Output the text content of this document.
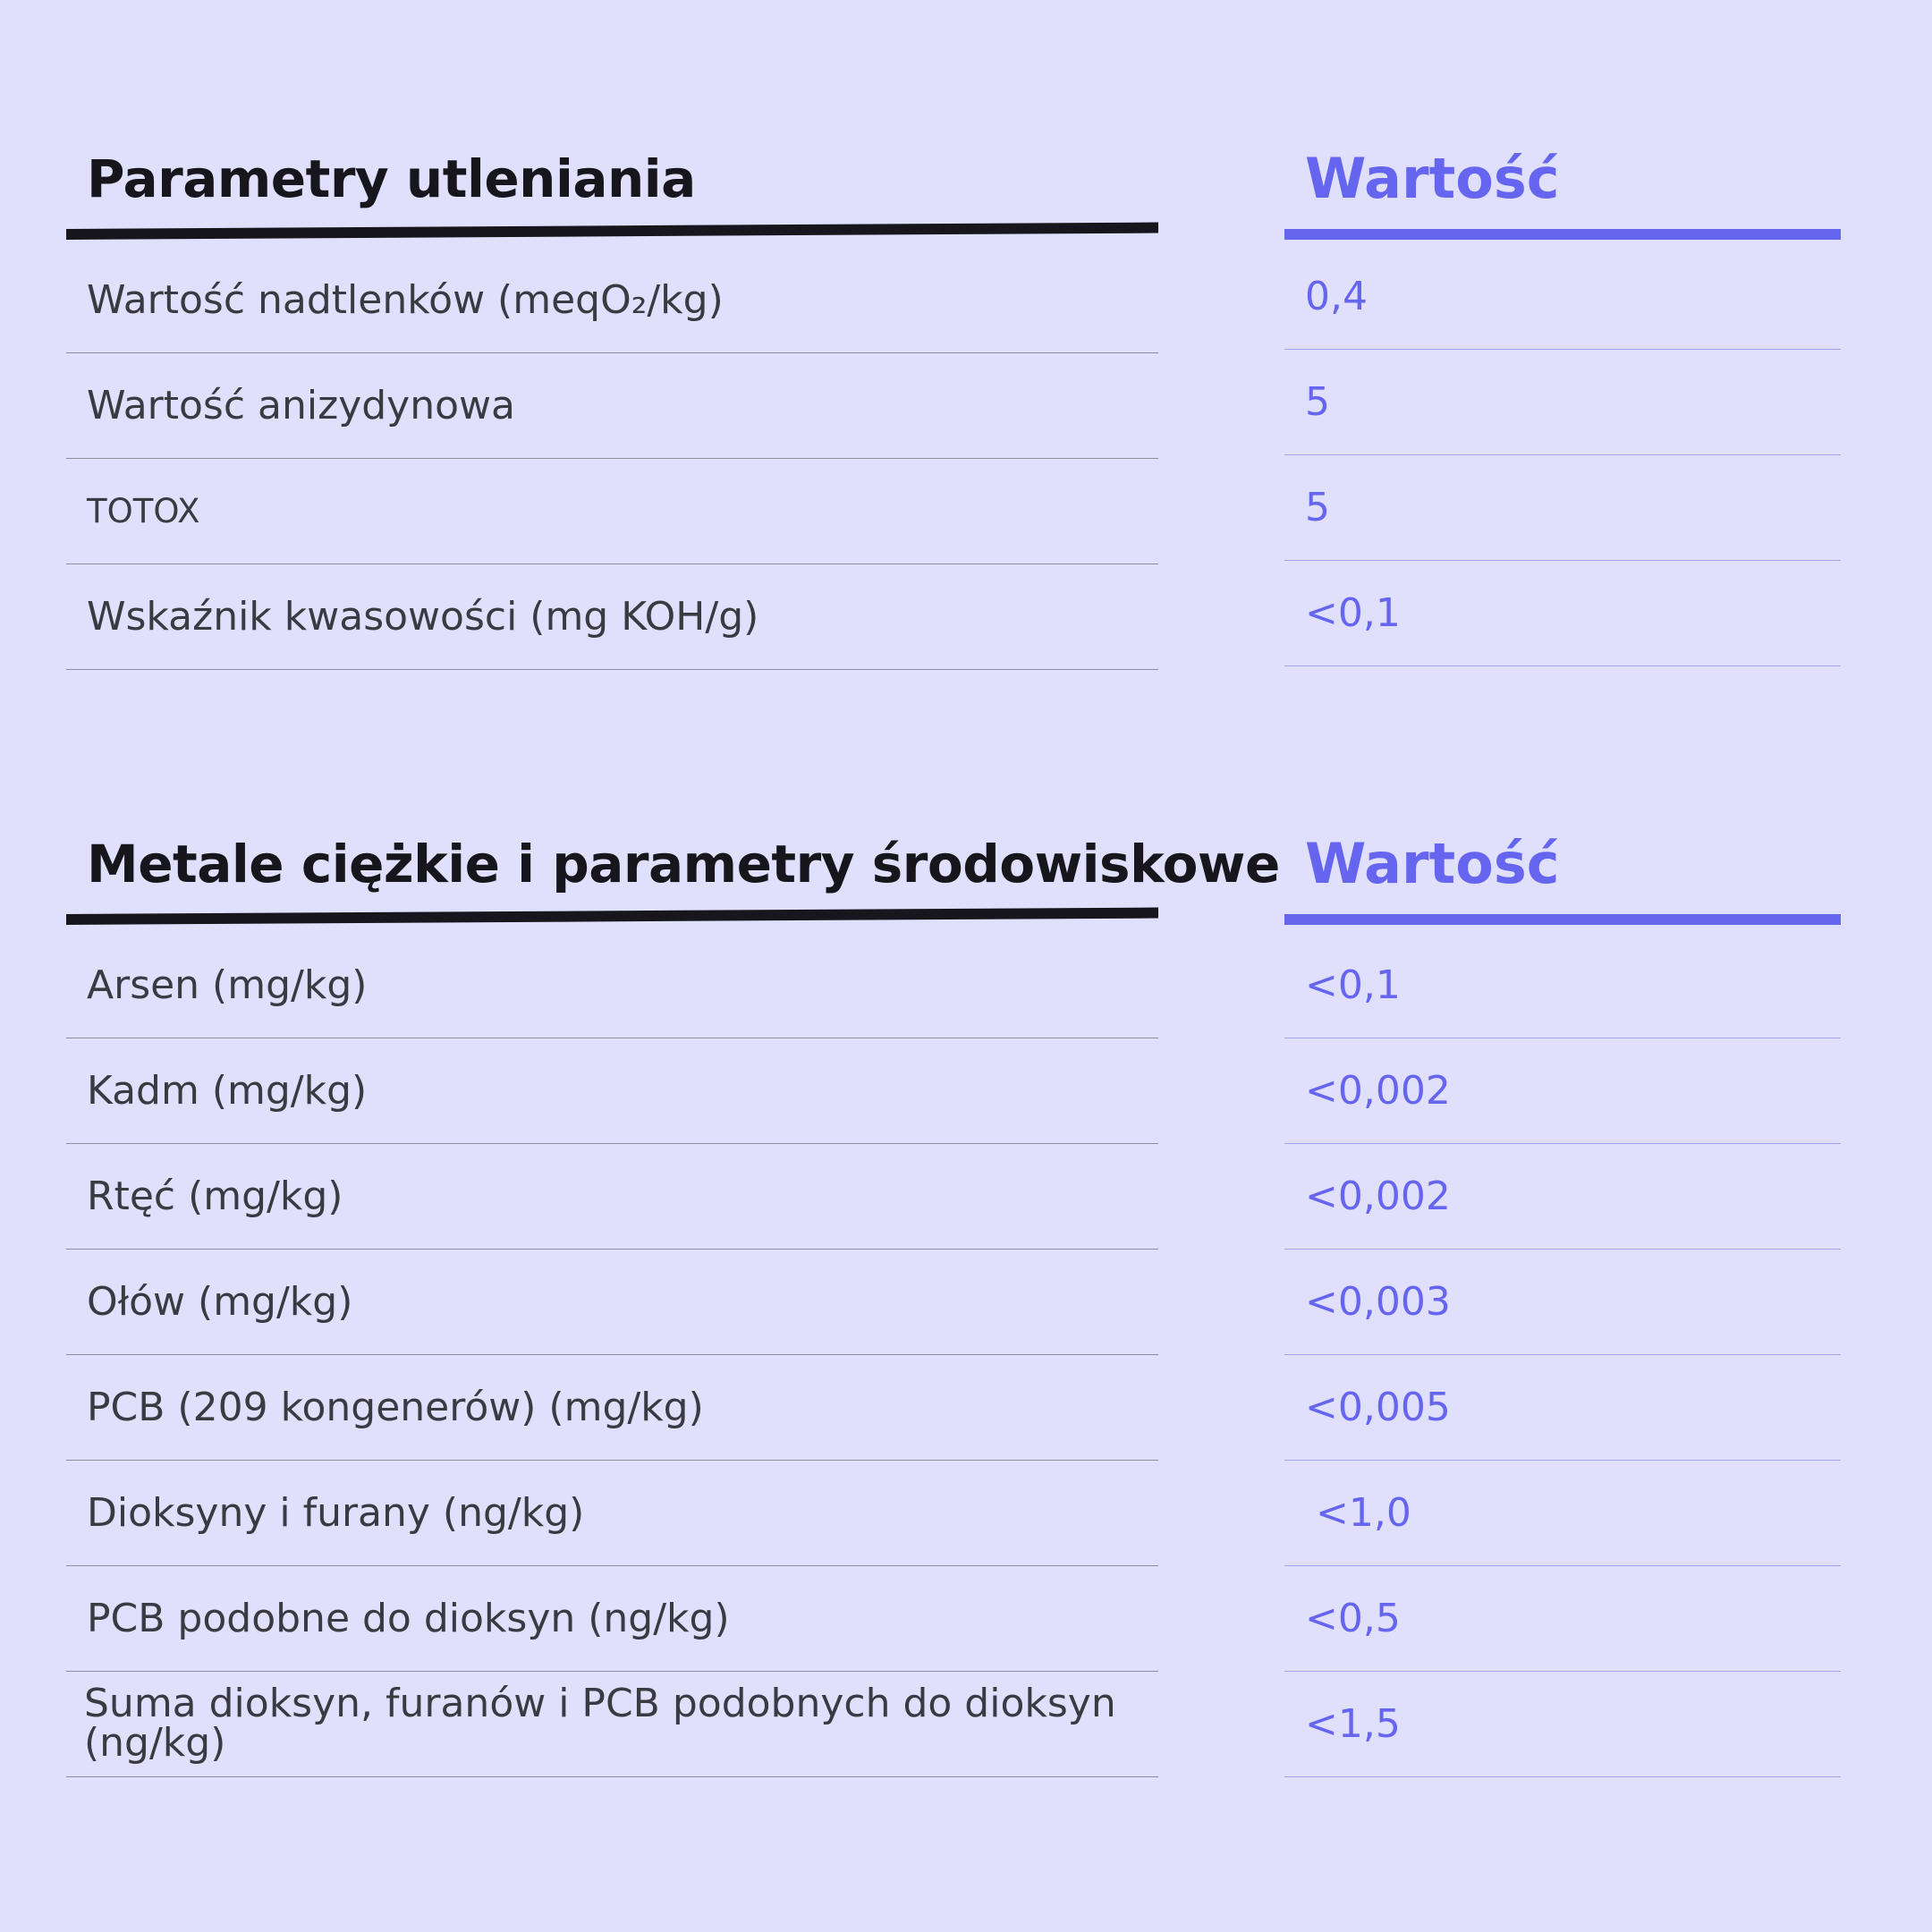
Parametry utleniania
Wartość nadtlenków (meqO₂/kg)
Wartość anizydynowa
TOTOX
Wskaźnik kwasowości (mg KOH/g)
Wartość
0,4
5
5
<0,1
Metale ciężkie i parametry środowiskowe
Arsen (mg/kg)
Kadm (mg/kg)
Rtęć (mg/kg)
Ołów (mg/kg)
PCB (209 kongenerów) (mg/kg)
Dioksyny i furany (ng/kg)
PCB podobne do dioksyn (ng/kg)
Suma dioksyn, furanów i PCB podobnych do dioksyn (ng/kg)
Wartość
<0,1
<0,002
<0,002
<0,003
<0,005
<1,0
<0,5
<1,5
